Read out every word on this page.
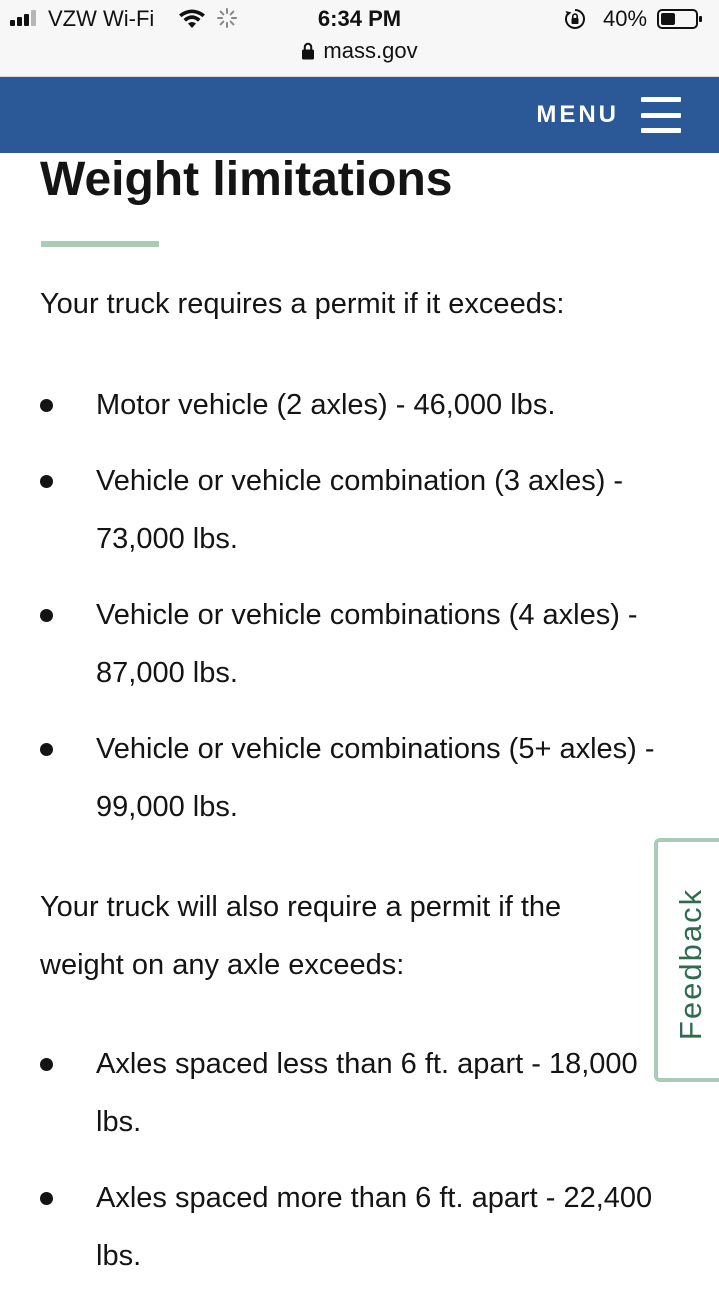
VZW Wi-Fi	6:34 PM	40%
mass.gov
MENU
Weight limitations

Your truck requires a permit if it exceeds:

Motor vehicle (2 axles) - 46,000 lbs.
Vehicle or vehicle combination (3 axles) - 73,000 lbs.
Vehicle or vehicle combinations (4 axles) - 87,000 lbs.
Vehicle or vehicle combinations (5+ axles) - 99,000 lbs.

Your truck will also require a permit if the weight on any axle exceeds:

Axles spaced less than 6 ft. apart - 18,000 lbs.
Axles spaced more than 6 ft. apart - 22,400 lbs.
Feedback
